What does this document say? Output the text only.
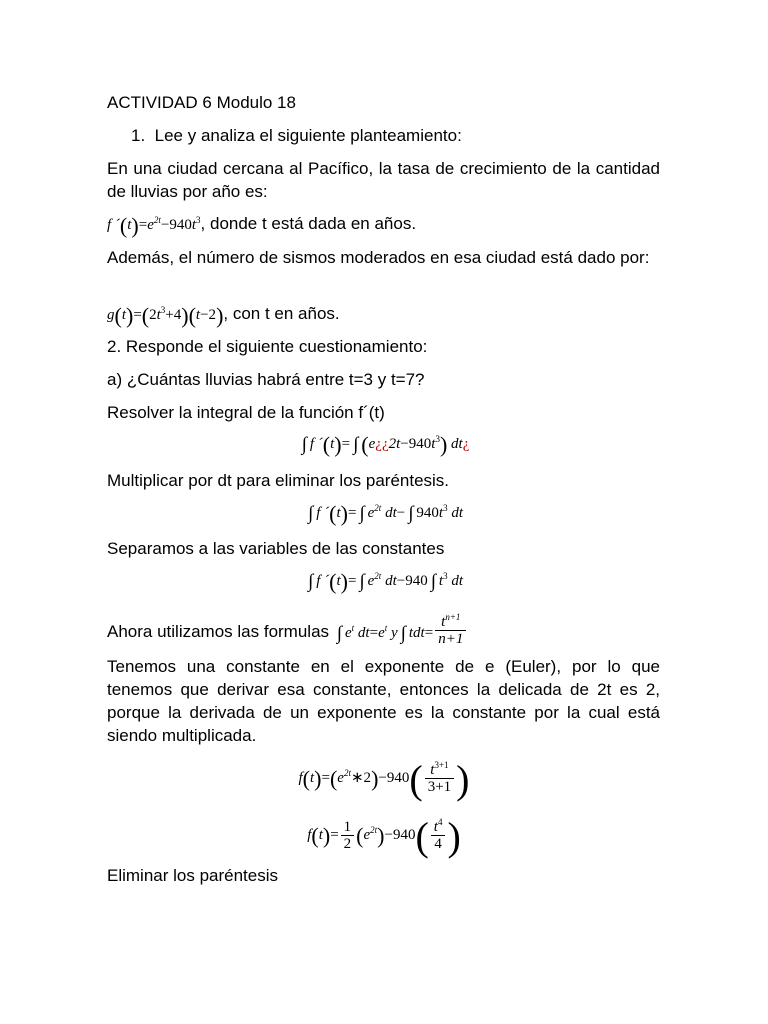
ACTIVIDAD 6 Modulo 18
1. Lee y analiza el siguiente planteamiento:
En una ciudad cercana al Pacífico, la tasa de crecimiento de la cantidad de lluvias por año es:
f $´(t)=e^{2t}-940t^3$, donde t está dada en años.
Además, el número de sismos moderados en esa ciudad está dado por:
$g(t)=(2t^3+4)(t-2)$, con t en años.
2. Responde el siguiente cuestionamiento:
a) ¿Cuántas lluvias habrá entre t=3 y t=7?
Resolver la integral de la función f´(t)
∫ f ´(t)= ∫ $(e¿¿2t-940t^3)$ dt¿
Multiplicar por dt para eliminar los paréntesis.
∫ f ´(t)= ∫ $e^{2t}$ dt− ∫ $940t^3$ dt
Separamos a las variables de las constantes
∫ f ´(t)= ∫ $e^{2t}$ dt−940 ∫ $t^3$ dt
Ahora utilizamos las formulas ∫ $e^t$ $dt=e^t$ y ∫ $tdt= \frac{t^{n+1}}{n+1}$
Tenemos una constante en el exponente de e (Euler), por lo que tenemos que derivar esa constante, entonces la delicada de 2t es 2, porque la derivada de un exponente es la constante por la cual está siendo multiplicada.
$f(t)=(e^{2t}∗2)-940( \frac{t^{3+1}}{3+1}$ )
$f(t)= \frac{1}{2} (e^{2t})-940( \frac{t^4}{4}$ )
Eliminar los paréntesis
